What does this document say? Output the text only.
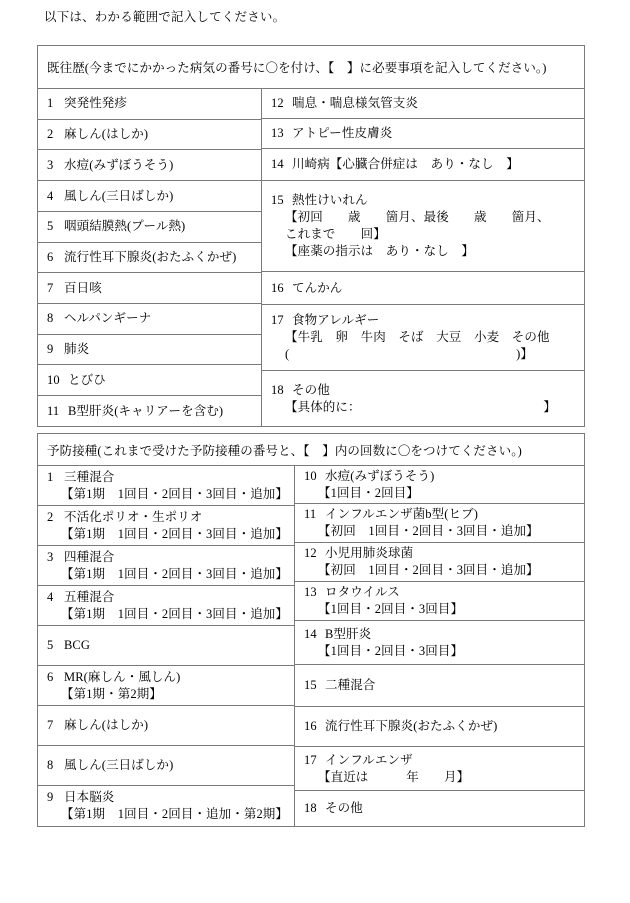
以下は、わかる範囲で記入してください。
既往歴(今までにかかった病気の番号に〇を付け、【　】に必要事項を記入してください。)
1 突発性発疹
2 麻しん(はしか)
3 水痘(みずぼうそう)
4 風しん(三日ばしか)
5 咽頭結膜熱(プール熱)
6 流行性耳下腺炎(おたふくかぜ)
7 百日咳
8 ヘルパンギーナ
9 肺炎
10 とびひ
11 B型肝炎(キャリアーを含む)
12 喘息・喘息様気管支炎
13 アトピー性皮膚炎
14 川崎病【心臓合併症は　あり・なし　】
15 熱性けいれん
【初回　　歳　　箇月、最後　　歳　　箇月、
これまで　　回】
【座薬の指示は　あり・なし　】
16 てんかん
17 食物アレルギー
【牛乳　卵　牛肉　そば　大豆　小麦　その他
(　　　　　　　　　　　　　　　　　　)】
18 その他
【具体的に：　　　　　　　　　　　　　　　】
予防接種(これまで受けた予防接種の番号と、【　】内の回数に〇をつけてください。)
1 三種混合
【第1期　1回目・2回目・3回目・追加】
2 不活化ポリオ・生ポリオ
【第1期　1回目・2回目・3回目・追加】
3 四種混合
【第1期　1回目・2回目・3回目・追加】
4 五種混合
【第1期　1回目・2回目・3回目・追加】
5 BCG
6 MR(麻しん・風しん)
【第1期・第2期】
7 麻しん(はしか)
8 風しん(三日ばしか)
9 日本脳炎
【第1期　1回目・2回目・追加・第2期】
10 水痘(みずぼうそう)
【1回目・2回目】
11 インフルエンザ菌b型(ヒブ)
【初回　1回目・2回目・3回目・追加】
12 小児用肺炎球菌
【初回　1回目・2回目・3回目・追加】
13 ロタウイルス
【1回目・2回目・3回目】
14 B型肝炎
【1回目・2回目・3回目】
15 二種混合
16 流行性耳下腺炎(おたふくかぜ)
17 インフルエンザ
【直近は　　　年　　月】
18 その他
